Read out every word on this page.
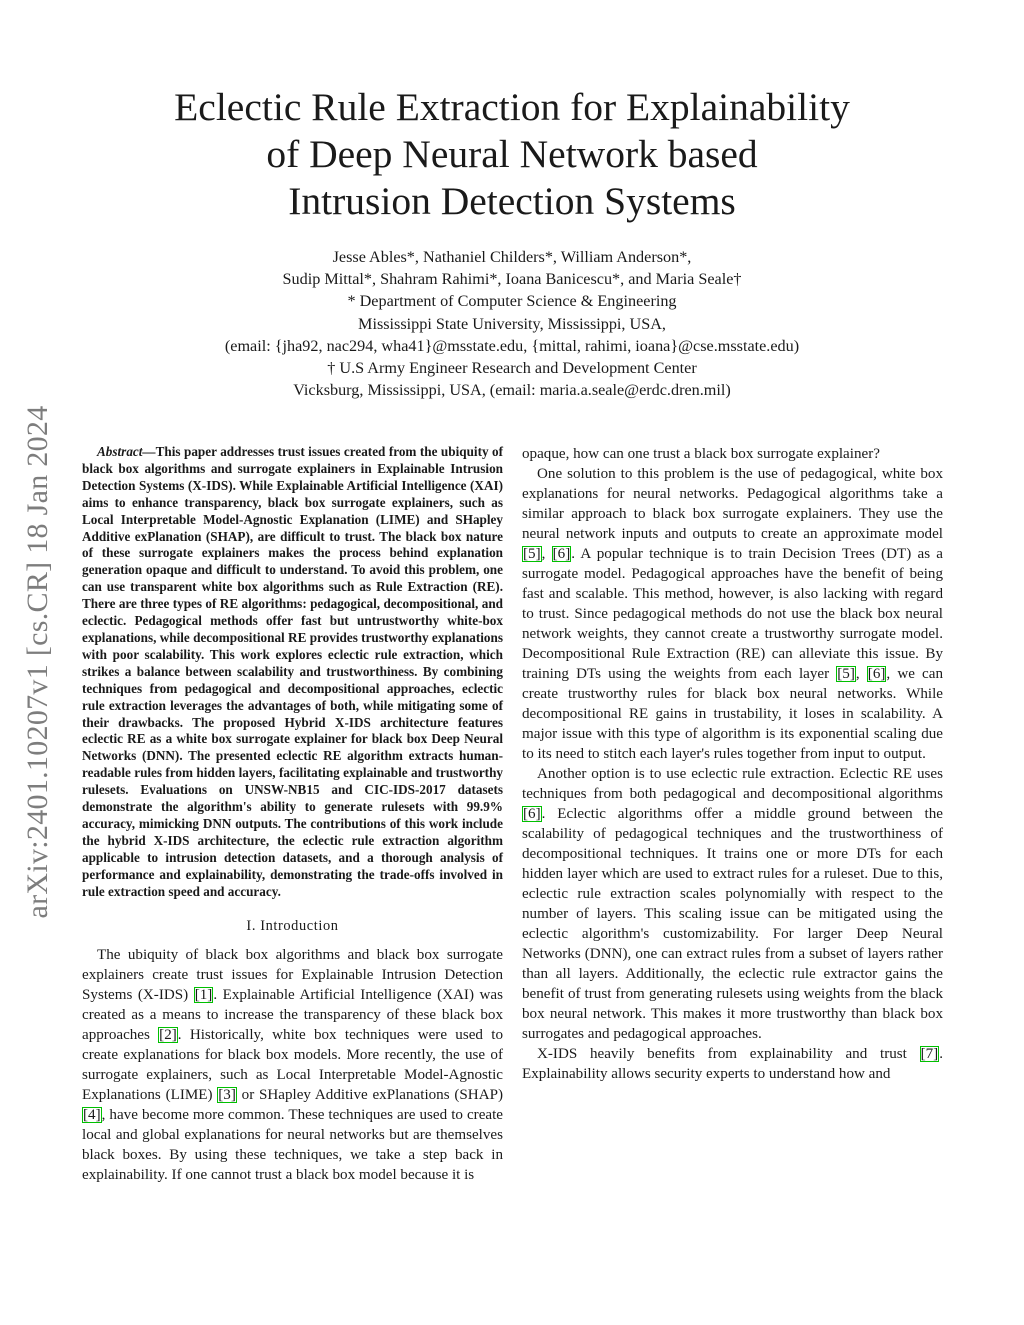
arXiv:2401.10207v1 [cs.CR] 18 Jan 2024
Eclectic Rule Extraction for Explainability
of Deep Neural Network based
Intrusion Detection Systems
Jesse Ables*, Nathaniel Childers*, William Anderson*,
Sudip Mittal*, Shahram Rahimi*, Ioana Banicescu*, and Maria Seale†
* Department of Computer Science & Engineering
Mississippi State University, Mississippi, USA,
(email: {jha92, nac294, wha41}@msstate.edu, {mittal, rahimi, ioana}@cse.msstate.edu)
† U.S Army Engineer Research and Development Center
Vicksburg, Mississippi, USA, (email: maria.a.seale@erdc.dren.mil)

Abstract—This paper addresses trust issues created from the ubiquity of black box algorithms and surrogate explainers in Explainable Intrusion Detection Systems (X-IDS). While Explainable Artificial Intelligence (XAI) aims to enhance transparency, black box surrogate explainers, such as Local Interpretable Model-Agnostic Explanation (LIME) and SHapley Additive exPlanation (SHAP), are difficult to trust. The black box nature of these surrogate explainers makes the process behind explanation generation opaque and difficult to understand. To avoid this problem, one can use transparent white box algorithms such as Rule Extraction (RE). There are three types of RE algorithms: pedagogical, decompositional, and eclectic. Pedagogical methods offer fast but untrustworthy white-box explanations, while decompositional RE provides trustworthy explanations with poor scalability. This work explores eclectic rule extraction, which strikes a balance between scalability and trustworthiness. By combining techniques from pedagogical and decompositional approaches, eclectic rule extraction leverages the advantages of both, while mitigating some of their drawbacks. The proposed Hybrid X-IDS architecture features eclectic RE as a white box surrogate explainer for black box Deep Neural Networks (DNN). The presented eclectic RE algorithm extracts human-readable rules from hidden layers, facilitating explainable and trustworthy rulesets. Evaluations on UNSW-NB15 and CIC-IDS-2017 datasets demonstrate the algorithm's ability to generate rulesets with 99.9% accuracy, mimicking DNN outputs. The contributions of this work include the hybrid X-IDS architecture, the eclectic rule extraction algorithm applicable to intrusion detection datasets, and a thorough analysis of performance and explainability, demonstrating the trade-offs involved in rule extraction speed and accuracy.

I. Introduction

The ubiquity of black box algorithms and black box surrogate explainers create trust issues for Explainable Intrusion Detection Systems (X-IDS) [1]. Explainable Artificial Intelligence (XAI) was created as a means to increase the transparency of these black box approaches [2]. Historically, white box techniques were used to create explanations for black box models. More recently, the use of surrogate explainers, such as Local Interpretable Model-Agnostic Explanations (LIME) [3] or SHapley Additive exPlanations (SHAP) [4], have become more common. These techniques are used to create local and global explanations for neural networks but are themselves black boxes. By using these techniques, we take a step back in explainability. If one cannot trust a black box model because it is

opaque, how can one trust a black box surrogate explainer?

One solution to this problem is the use of pedagogical, white box explanations for neural networks. Pedagogical algorithms take a similar approach to black box surrogate explainers. They use the neural network inputs and outputs to create an approximate model [5], [6]. A popular technique is to train Decision Trees (DT) as a surrogate model. Pedagogical approaches have the benefit of being fast and scalable. This method, however, is also lacking with regard to trust. Since pedagogical methods do not use the black box neural network weights, they cannot create a trustworthy surrogate model. Decompositional Rule Extraction (RE) can alleviate this issue. By training DTs using the weights from each layer [5], [6], we can create trustworthy rules for black box neural networks. While decompositional RE gains in trustability, it loses in scalability. A major issue with this type of algorithm is its exponential scaling due to its need to stitch each layer's rules together from input to output.

Another option is to use eclectic rule extraction. Eclectic RE uses techniques from both pedagogical and decompositional algorithms [6]. Eclectic algorithms offer a middle ground between the scalability of pedagogical techniques and the trustworthiness of decompositional techniques. It trains one or more DTs for each hidden layer which are used to extract rules for a ruleset. Due to this, eclectic rule extraction scales polynomially with respect to the number of layers. This scaling issue can be mitigated using the eclectic algorithm's customizability. For larger Deep Neural Networks (DNN), one can extract rules from a subset of layers rather than all layers. Additionally, the eclectic rule extractor gains the benefit of trust from generating rulesets using weights from the black box neural network. This makes it more trustworthy than black box surrogates and pedagogical approaches.

X-IDS heavily benefits from explainability and trust [7]. Explainability allows security experts to understand how and
